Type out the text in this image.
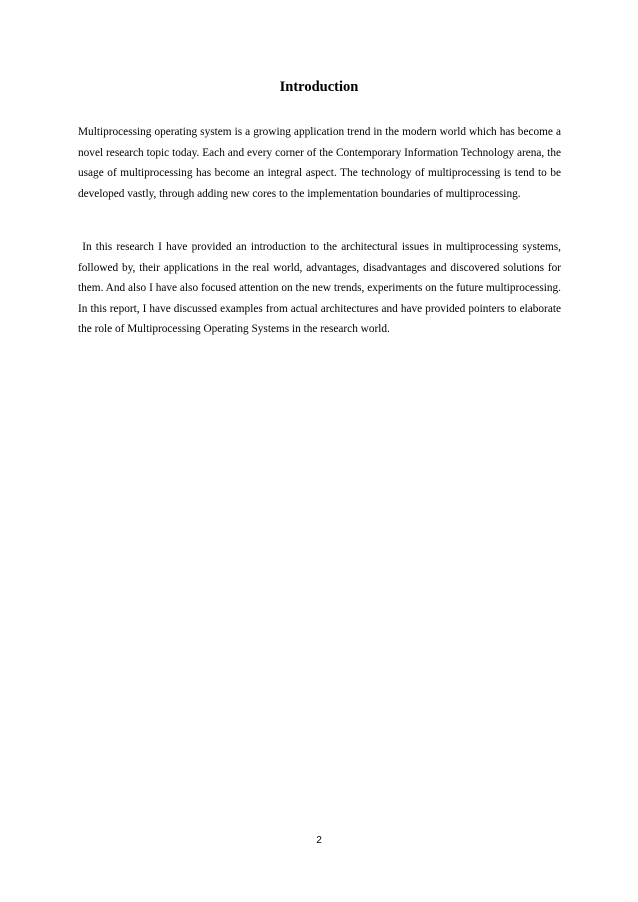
Introduction

Multiprocessing operating system is a growing application trend in the modern world which has become a novel research topic today. Each and every corner of the Contemporary Information Technology arena, the usage of multiprocessing has become an integral aspect. The technology of multiprocessing is tend to be developed vastly, through adding new cores to the implementation boundaries of multiprocessing.

In this research I have provided an introduction to the architectural issues in multiprocessing systems, followed by, their applications in the real world, advantages, disadvantages and discovered solutions for them. And also I have also focused attention on the new trends, experiments on the future multiprocessing.  In this report, I have discussed examples from actual architectures and have provided pointers to elaborate the role of Multiprocessing Operating Systems in the research world.

2
